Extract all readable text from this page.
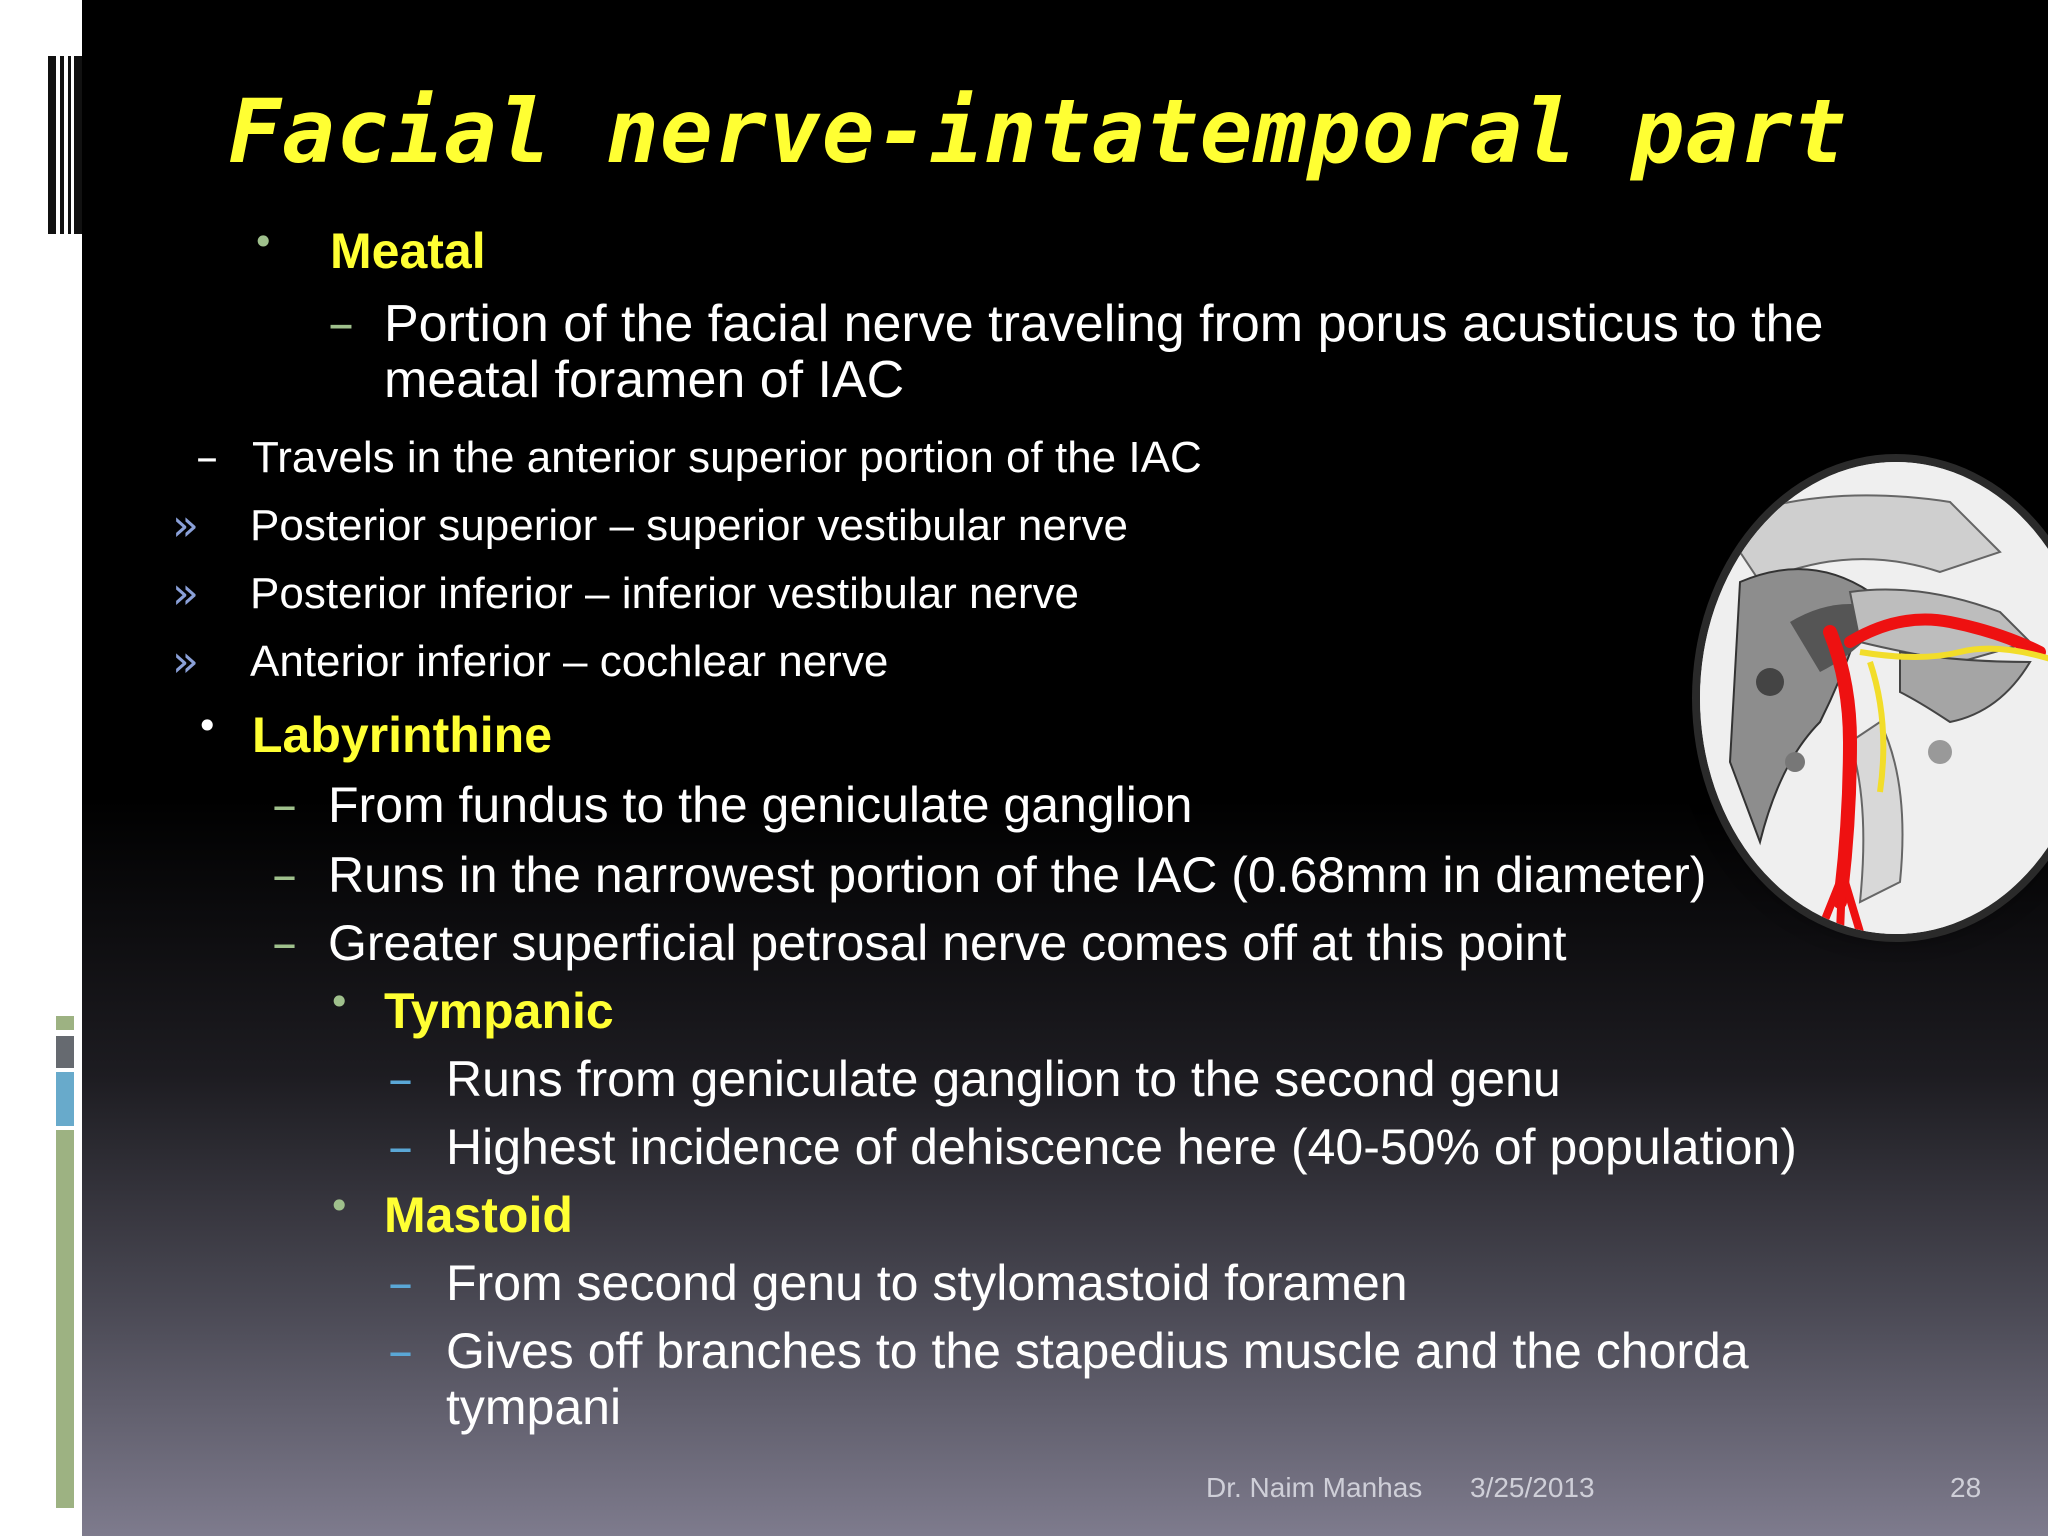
Facial nerve-intatemporal part
• Meatal
– Portion of the facial nerve traveling from porus acusticus to the
meatal foramen of IAC
– Travels in the anterior superior portion of the IAC
» Posterior superior – superior vestibular nerve
» Posterior inferior – inferior vestibular nerve
» Anterior inferior – cochlear nerve
• Labyrinthine
– From fundus to the geniculate ganglion
– Runs in the narrowest portion of the IAC (0.68mm in diameter)
– Greater superficial petrosal nerve comes off at this point
• Tympanic
– Runs from geniculate ganglion to the second genu
– Highest incidence of dehiscence here (40-50% of population)
• Mastoid
– From second genu to stylomastoid foramen
– Gives off branches to the stapedius muscle and the chorda
tympani
Dr. Naim Manhas 3/25/2013	28
